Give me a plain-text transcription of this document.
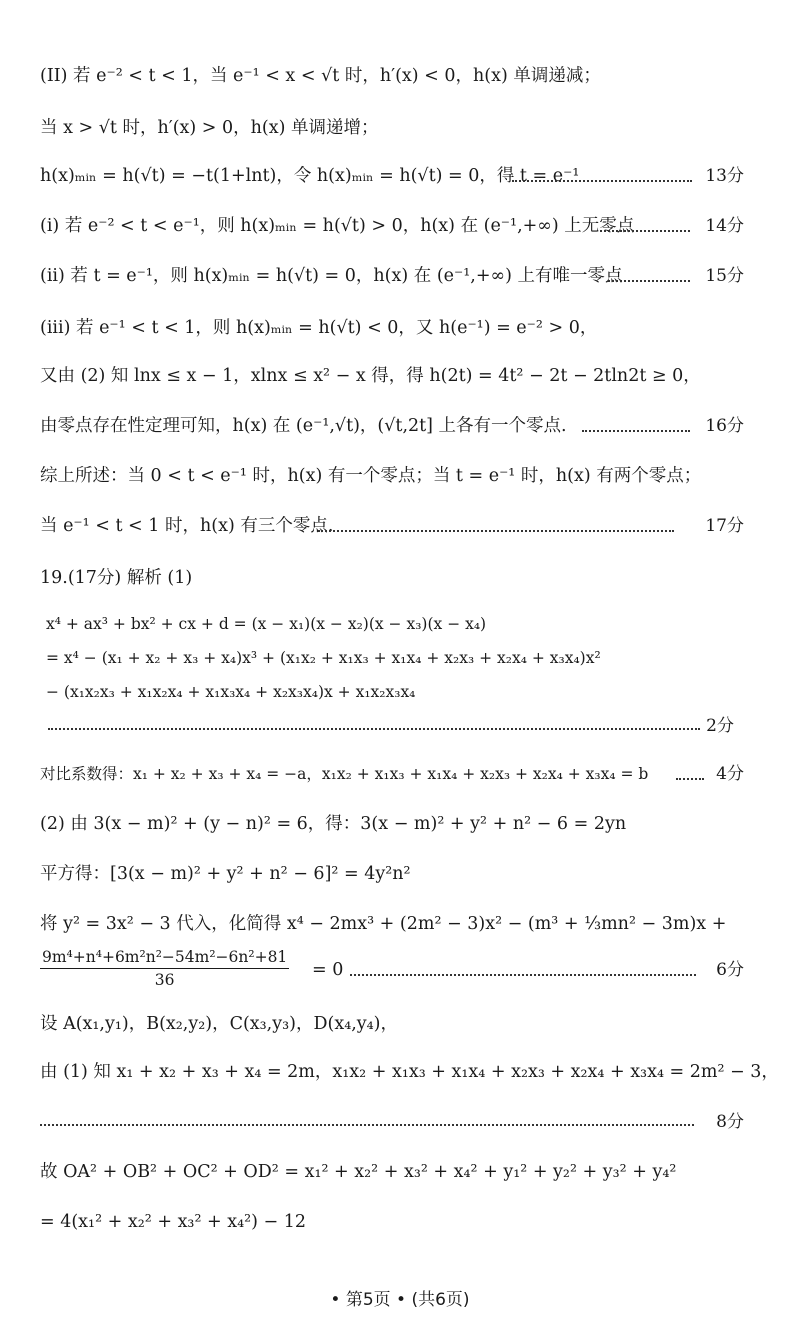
(II) 若 e⁻² < t < 1，当 e⁻¹ < x < √t 时，h′(x) < 0，h(x) 单调递减；
当 x > √t 时，h′(x) > 0，h(x) 单调递增；
h(x)ₘᵢₙ = h(√t) = −t(1+lnt)，令 h(x)ₘᵢₙ = h(√t) = 0，得 t = e⁻¹	13分
(i) 若 e⁻² < t < e⁻¹，则 h(x)ₘᵢₙ = h(√t) > 0，h(x) 在 (e⁻¹,+∞) 上无零点	14分
(ii) 若 t = e⁻¹，则 h(x)ₘᵢₙ = h(√t) = 0，h(x) 在 (e⁻¹,+∞) 上有唯一零点	15分
(iii) 若 e⁻¹ < t < 1，则 h(x)ₘᵢₙ = h(√t) < 0，又 h(e⁻¹) = e⁻² > 0，
又由 (2) 知 lnx ≤ x − 1，xlnx ≤ x² − x 得，得 h(2t) = 4t² − 2t − 2tln2t ≥ 0，
由零点存在性定理可知，h(x) 在 (e⁻¹,√t)，(√t,2t] 上各有一个零点.	16分
综上所述：当 0 < t < e⁻¹ 时，h(x) 有一个零点；当 t = e⁻¹ 时，h(x) 有两个零点；
当 e⁻¹ < t < 1 时，h(x) 有三个零点.	17分
19.(17分) 解析 (1)
x⁴ + ax³ + bx² + cx + d = (x − x₁)(x − x₂)(x − x₃)(x − x₄)
= x⁴ − (x₁ + x₂ + x₃ + x₄)x³ + (x₁x₂ + x₁x₃ + x₁x₄ + x₂x₃ + x₂x₄ + x₃x₄)x²
− (x₁x₂x₃ + x₁x₂x₄ + x₁x₃x₄ + x₂x₃x₄)x + x₁x₂x₃x₄
2分
对比系数得：x₁ + x₂ + x₃ + x₄ = −a，x₁x₂ + x₁x₃ + x₁x₄ + x₂x₃ + x₂x₄ + x₃x₄ = b	4分
(2) 由 3(x − m)² + (y − n)² = 6，得：3(x − m)² + y² + n² − 6 = 2yn
平方得：[3(x − m)² + y² + n² − 6]² = 4y²n²
将 y² = 3x² − 3 代入，化简得 x⁴ − 2mx³ + (2m² − 3)x² − (m³ + ⅓mn² − 3m)x +
$\frac{\text{9m⁴+n⁴+6m²n²−54m²−6n²+81}}{36} = 0$	6分
设 A(x₁,y₁)，B(x₂,y₂)，C(x₃,y₃)，D(x₄,y₄)，
由 (1) 知 x₁ + x₂ + x₃ + x₄ = 2m，x₁x₂ + x₁x₃ + x₁x₄ + x₂x₃ + x₂x₄ + x₃x₄ = 2m² − 3，
8分
故 OA² + OB² + OC² + OD² = x₁² + x₂² + x₃² + x₄² + y₁² + y₂² + y₃² + y₄²
= 4(x₁² + x₂² + x₃² + x₄²) − 12
• 第5页 • (共6页)
